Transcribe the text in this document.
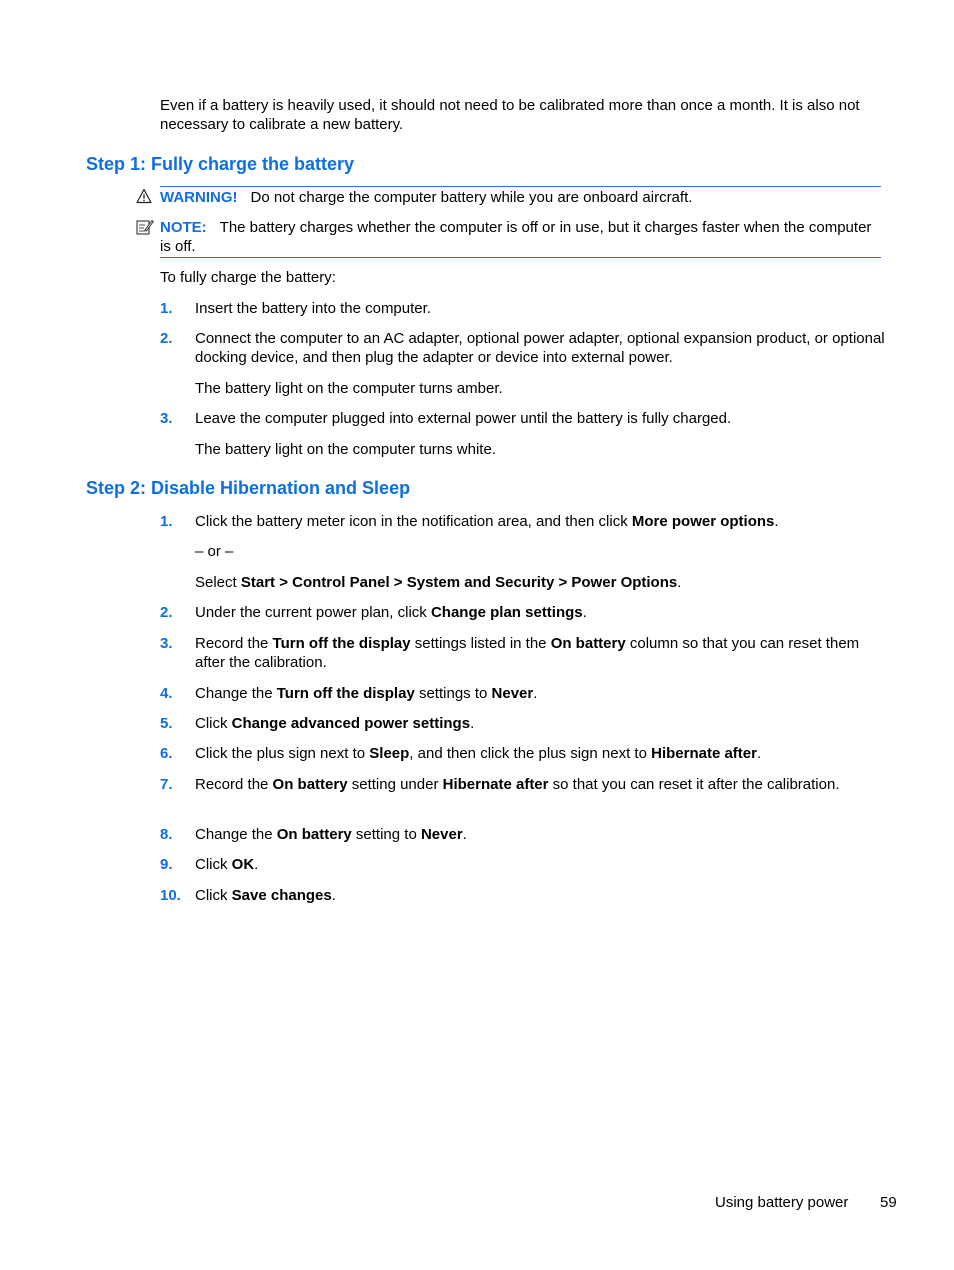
Even if a battery is heavily used, it should not need to be calibrated more than once a month. It is also not necessary to calibrate a new battery.
Step 1: Fully charge the battery
WARNING! Do not charge the computer battery while you are onboard aircraft.
NOTE: The battery charges whether the computer is off or in use, but it charges faster when the computer is off.
To fully charge the battery:
1. Insert the battery into the computer.
2. Connect the computer to an AC adapter, optional power adapter, optional expansion product, or optional docking device, and then plug the adapter or device into external power.
The battery light on the computer turns amber.
3. Leave the computer plugged into external power until the battery is fully charged.
The battery light on the computer turns white.
Step 2: Disable Hibernation and Sleep
1. Click the battery meter icon in the notification area, and then click More power options.
– or –
Select Start > Control Panel > System and Security > Power Options.
2. Under the current power plan, click Change plan settings.
3. Record the Turn off the display settings listed in the On battery column so that you can reset them after the calibration.
4. Change the Turn off the display settings to Never.
5. Click Change advanced power settings.
6. Click the plus sign next to Sleep, and then click the plus sign next to Hibernate after.
7. Record the On battery setting under Hibernate after so that you can reset it after the calibration.
8. Change the On battery setting to Never.
9. Click OK.
10. Click Save changes.
Using battery power 59
